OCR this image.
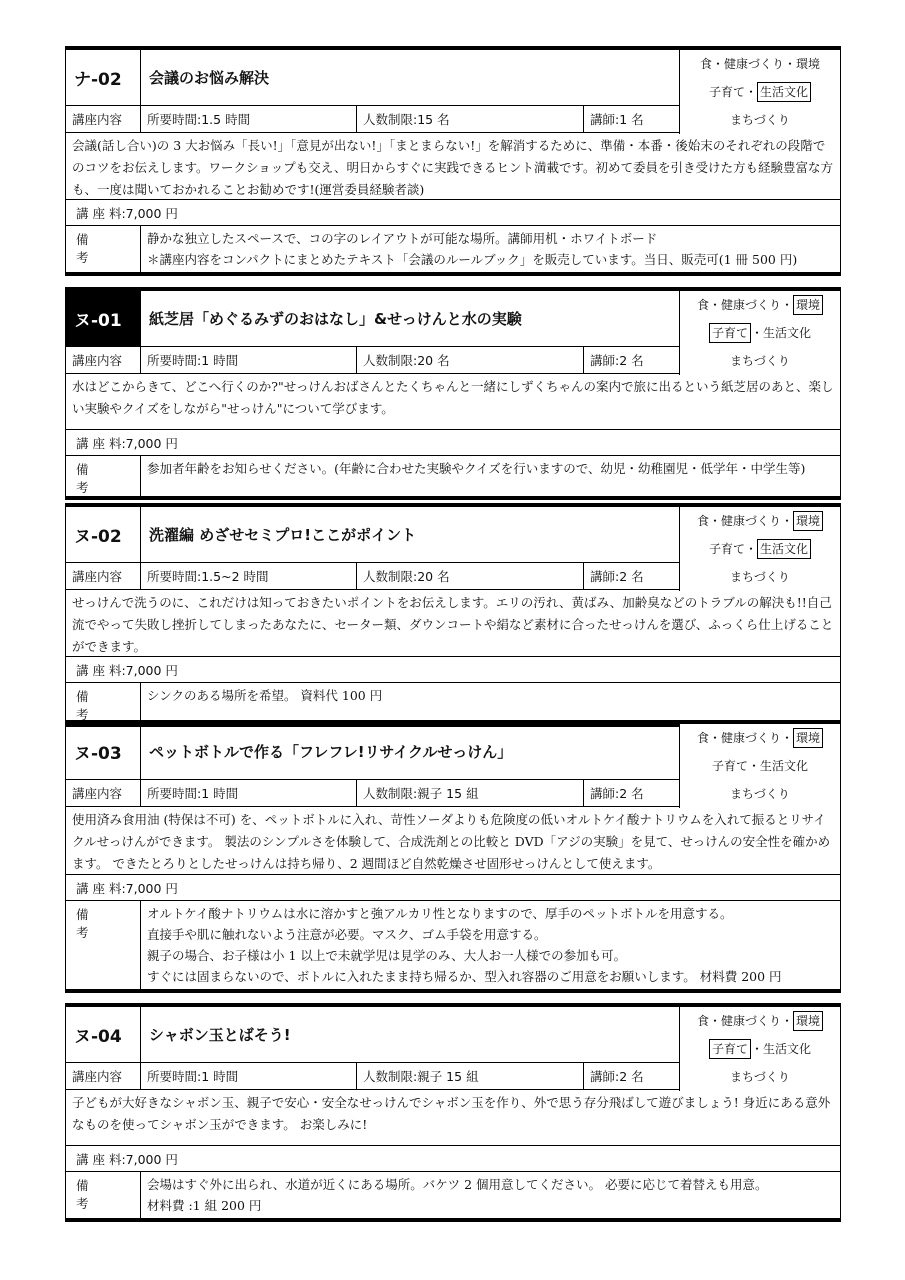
食・健康づくり・環境
子育て・ 生活文化
まちづくり
ナ-02	会議のお悩み解決
講座内容	所要時間:1.5 時間	人数制限:15 名	講師:1 名
会議(話し合い)の 3 大お悩み「長い!」「意見が出ない!」「まとまらない!」を解消するために、準備・本番・後始末のそれぞれの段階でのコツをお伝えします。ワークショップも交え、明日からすぐに実践できるヒント満載です。初めて委員を引き受けた方も経験豊富な方も、一度は聞いておかれることお勧めです!(運営委員経験者談)
講 座 料: 7,000 円
備 考
静かな独立したスペースで、コの字のレイアウトが可能な場所。講師用机・ホワイトボード
＊講座内容をコンパクトにまとめたテキスト「会議のルールブック」を販売しています。当日、販売可(1 冊 500 円)
食・健康づくり・ 環境
子育て ・生活文化
まちづくり
ヌ-01	紙芝居「めぐるみずのおはなし」&せっけんと水の実験
講座内容	所要時間:1 時間	人数制限:20 名	講師:2 名
水はどこからきて、どこへ行くのか?"せっけんおばさんとたくちゃんと一緒にしずくちゃんの案内で旅に出るという紙芝居のあと、楽しい実験やクイズをしながら"せっけん"について学びます。
講 座 料: 7,000 円
備 考
参加者年齢をお知らせください。(年齢に合わせた実験やクイズを行いますので、幼児・幼稚園児・低学年・中学生等)
食・健康づくり・ 環境
子育て・ 生活文化
まちづくり
ヌ-02	洗濯編 めざせセミプロ!ここがポイント
講座内容	所要時間:1.5~2 時間	人数制限:20 名	講師:2 名
せっけんで洗うのに、これだけは知っておきたいポイントをお伝えします。エリの汚れ、黄ばみ、加齢臭などのトラブルの解決も!!自己流でやって失敗し挫折してしまったあなたに、セーター類、ダウンコートや絹など素材に合ったせっけんを選び、ふっくら仕上げることができます。
講 座 料: 7,000 円
備 考
シンクのある場所を希望。 資料代 100 円
食・健康づくり・ 環境
子育て・生活文化
まちづくり
ヌ-03	ペットボトルで作る「フレフレ!リサイクルせっけん」
講座内容	所要時間:1 時間	人数制限:親子 15 組	講師:2 名
使用済み食用油 (特保は不可) を、ペットボトルに入れ、苛性ソーダよりも危険度の低いオルトケイ酸ナトリウムを入れて振るとリサイクルせっけんができます。 製法のシンプルさを体験して、合成洗剤との比較と DVD「アジの実験」を見て、せっけんの安全性を確かめます。 できたとろりとしたせっけんは持ち帰り、2 週間ほど自然乾燥させ固形せっけんとして使えます。
講 座 料: 7,000 円
備 考
オルトケイ酸ナトリウムは水に溶かすと強アルカリ性となりますので、厚手のペットボトルを用意する。
直接手や肌に触れないよう注意が必要。マスク、ゴム手袋を用意する。
親子の場合、お子様は小 1 以上で未就学児は見学のみ、大人お一人様での参加も可。
すぐには固まらないので、ボトルに入れたまま持ち帰るか、型入れ容器のご用意をお願いします。 材料費 200 円
食・健康づくり・ 環境
子育て ・生活文化
まちづくり
ヌ-04	シャボン玉とばそう!
講座内容	所要時間:1 時間	人数制限:親子 15 組	講師:2 名
子どもが大好きなシャボン玉、親子で安心・安全なせっけんでシャボン玉を作り、外で思う存分飛ばして遊びましょう! 身近にある意外なものを使ってシャボン玉ができます。 お楽しみに!
講 座 料: 7,000 円
備 考
会場はすぐ外に出られ、水道が近くにある場所。バケツ 2 個用意してください。 必要に応じて着替えも用意。
材料費 :1 組 200 円
